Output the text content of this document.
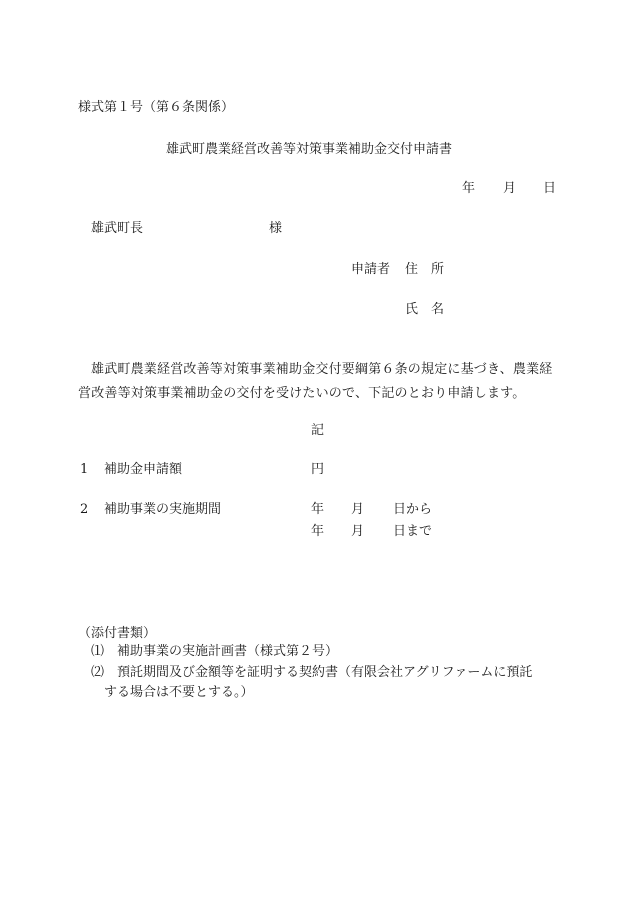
様式第１号（第６条関係）
雄武町農業経営改善等対策事業補助金交付申請書
年 月 日
雄武町長	様
申請者 住　所
氏　名
雄武町農業経営改善等対策事業補助金交付要綱第６条の規定に基づき、農業経営改善等対策事業補助金の交付を受けたいので、下記のとおり申請します。
記
1 補助金申請額	円
2 補助事業の実施期間	年 月 日から
年 月 日まで
（添付書類）
⑴ 補助事業の実施計画書（様式第２号）
⑵ 預託期間及び金額等を証明する契約書（有限会社アグリファームに預託
する場合は不要とする。）
